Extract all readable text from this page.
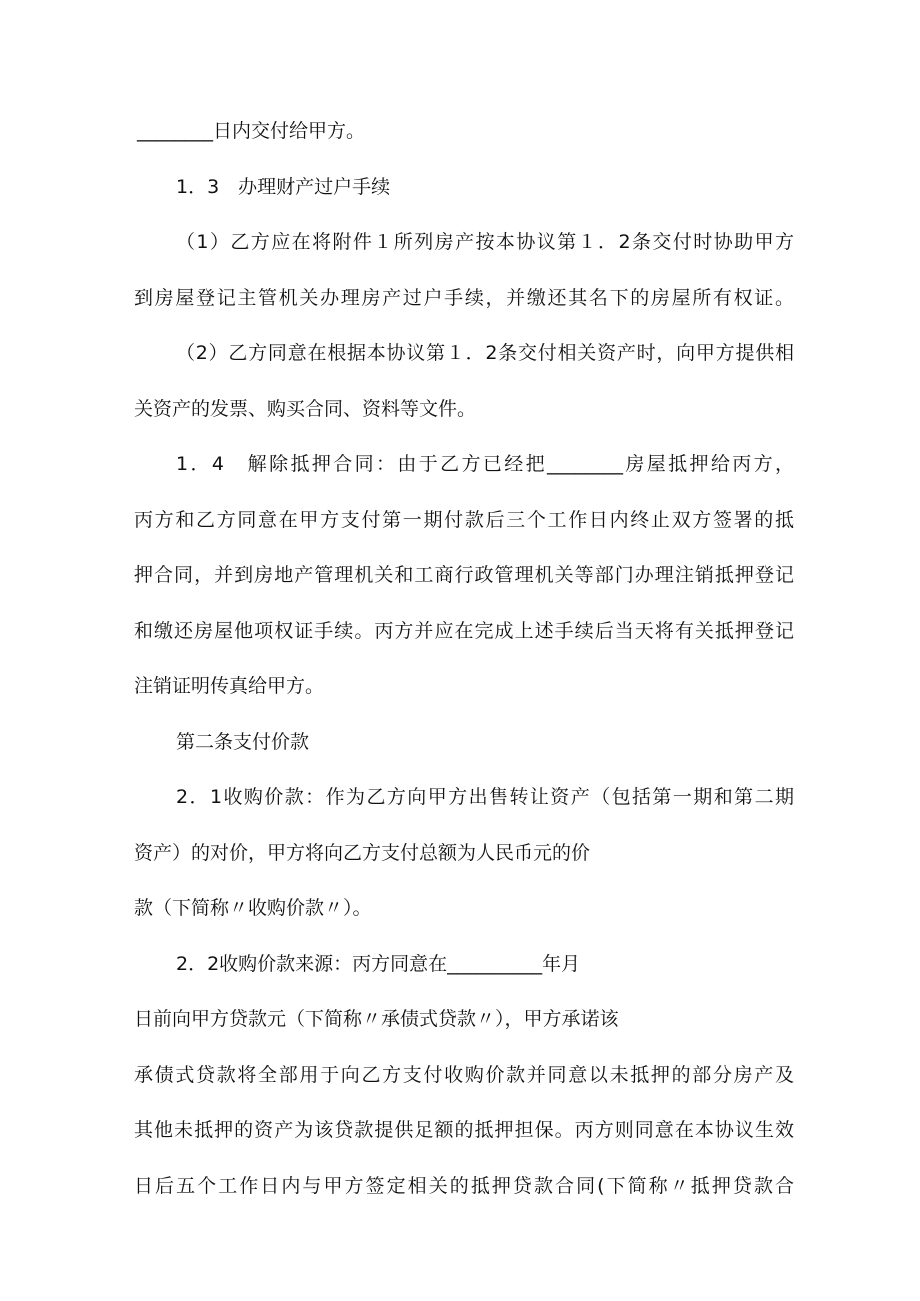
________日内交付给甲方。
1．3　办理财产过户手续
（1）乙方应在将附件１所列房产按本协议第１．2条交付时协助甲方
到房屋登记主管机关办理房产过户手续，并缴还其名下的房屋所有权证。
（2）乙方同意在根据本协议第１．2条交付相关资产时，向甲方提供相
关资产的发票、购买合同、资料等文件。
1．4　解除抵押合同：由于乙方已经把________房屋抵押给丙方，
丙方和乙方同意在甲方支付第一期付款后三个工作日内终止双方签署的抵
押合同，并到房地产管理机关和工商行政管理机关等部门办理注销抵押登记
和缴还房屋他项权证手续。丙方并应在完成上述手续后当天将有关抵押登记
注销证明传真给甲方。
第二条支付价款
2．1收购价款：作为乙方向甲方出售转让资产（包括第一期和第二期
资产）的对价，甲方将向乙方支付总额为人民币元的价
款（下简称〃收购价款〃）。
2．2收购价款来源：丙方同意在__________年月
日前向甲方贷款元（下简称〃承债式贷款〃），甲方承诺该
承债式贷款将全部用于向乙方支付收购价款并同意以未抵押的部分房产及
其他未抵押的资产为该贷款提供足额的抵押担保。丙方则同意在本协议生效
日后五个工作日内与甲方签定相关的抵押贷款合同(下简称〃抵押贷款合
